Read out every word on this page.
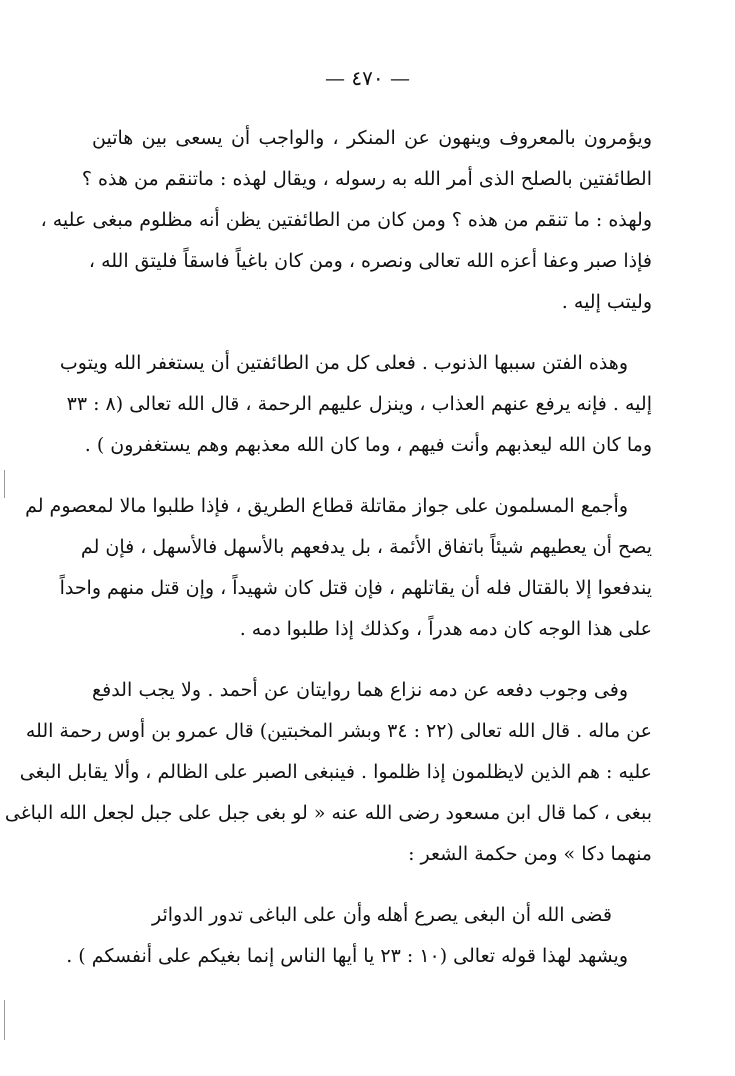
— ٤٧٠ —

ويؤمرون بالمعروف وينهون عن المنكر ، والواجب أن يسعى بين هاتين
الطائفتين بالصلح الذى أمر الله به رسوله ، ويقال لهذه : ماتنقم من هذه ؟
ولهذه : ما تنقم من هذه ؟ ومن كان من الطائفتين يظن أنه مظلوم مبغى عليه ،
فإذا صبر وعفا أعزه الله تعالى ونصره ، ومن كان باغياً فاسقاً فليتق الله ،
وليتب إليه .

وهذه الفتن سببها الذنوب . فعلى كل من الطائفتين أن يستغفر الله ويتوب
إليه . فإنه يرفع عنهم العذاب ، وينزل عليهم الرحمة ، قال الله تعالى (٨ : ٣٣
وما كان الله ليعذبهم وأنت فيهم ، وما كان الله معذبهم وهم يستغفرون ) .

وأجمع المسلمون على جواز مقاتلة قطاع الطريق ، فإذا طلبوا مالا لمعصوم لم
يصح أن يعطيهم شيئاً باتفاق الأئمة ، بل يدفعهم بالأسهل فالأسهل ، فإن لم
يندفعوا إلا بالقتال فله أن يقاتلهم ، فإن قتل كان شهيداً ، وإن قتل منهم واحداً
على هذا الوجه كان دمه هدراً ، وكذلك إذا طلبوا دمه .

وفى وجوب دفعه عن دمه نزاع هما روايتان عن أحمد . ولا يجب الدفع
عن ماله . قال الله تعالى (٢٢ : ٣٤ وبشر المخبتين) قال عمرو بن أوس رحمة الله
عليه : هم الذين لايظلمون إذا ظلموا . فينبغى الصبر على الظالم ، وألا يقابل البغى
ببغى ، كما قال ابن مسعود رضى الله عنه « لو بغى جبل على جبل لجعل الله الباغى
منهما دكا » ومن حكمة الشعر :

قضى الله أن البغى يصرع أهله
وأن على الباغى تدور الدوائر

ويشهد لهذا قوله تعالى (١٠ : ٢٣ يا أيها الناس إنما بغيكم على أنفسكم ) .
